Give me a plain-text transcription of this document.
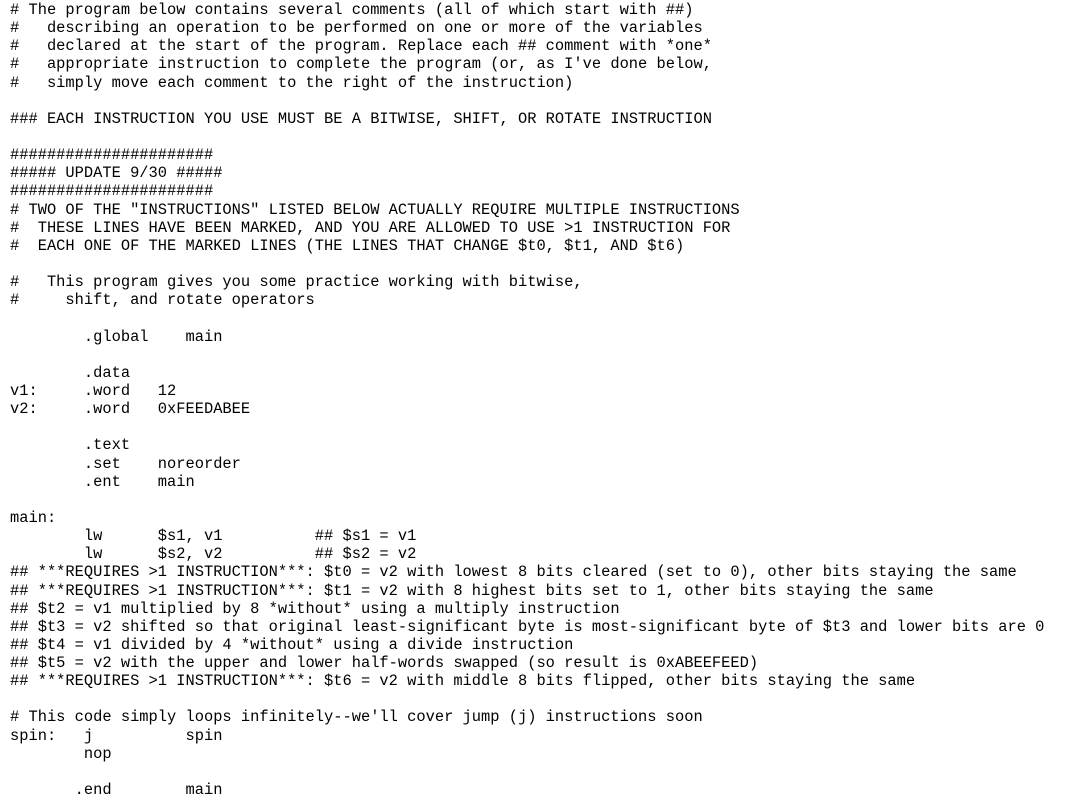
# The program below contains several comments (all of which start with ##)
#   describing an operation to be performed on one or more of the variables
#   declared at the start of the program. Replace each ## comment with *one*
#   appropriate instruction to complete the program (or, as I've done below,
#   simply move each comment to the right of the instruction)

### EACH INSTRUCTION YOU USE MUST BE A BITWISE, SHIFT, OR ROTATE INSTRUCTION

######################
##### UPDATE 9/30 #####
######################
# TWO OF THE "INSTRUCTIONS" LISTED BELOW ACTUALLY REQUIRE MULTIPLE INSTRUCTIONS
#  THESE LINES HAVE BEEN MARKED, AND YOU ARE ALLOWED TO USE >1 INSTRUCTION FOR
#  EACH ONE OF THE MARKED LINES (THE LINES THAT CHANGE $t0, $t1, AND $t6)

#   This program gives you some practice working with bitwise,
#     shift, and rotate operators

.global    main

.data
v1:     .word   12
v2:     .word   0xFEEDABEE

.text
.set    noreorder
.ent    main

main:
lw      $s1, v1          ## $s1 = v1
lw      $s2, v2          ## $s2 = v2
## ***REQUIRES >1 INSTRUCTION***: $t0 = v2 with lowest 8 bits cleared (set to 0), other bits staying the same
## ***REQUIRES >1 INSTRUCTION***: $t1 = v2 with 8 highest bits set to 1, other bits staying the same
## $t2 = v1 multiplied by 8 *without* using a multiply instruction
## $t3 = v2 shifted so that original least-significant byte is most-significant byte of $t3 and lower bits are 0
## $t4 = v1 divided by 4 *without* using a divide instruction
## $t5 = v2 with the upper and lower half-words swapped (so result is 0xABEEFEED)
## ***REQUIRES >1 INSTRUCTION***: $t6 = v2 with middle 8 bits flipped, other bits staying the same

# This code simply loops infinitely--we'll cover jump (j) instructions soon
spin:   j          spin
nop

.end        main
